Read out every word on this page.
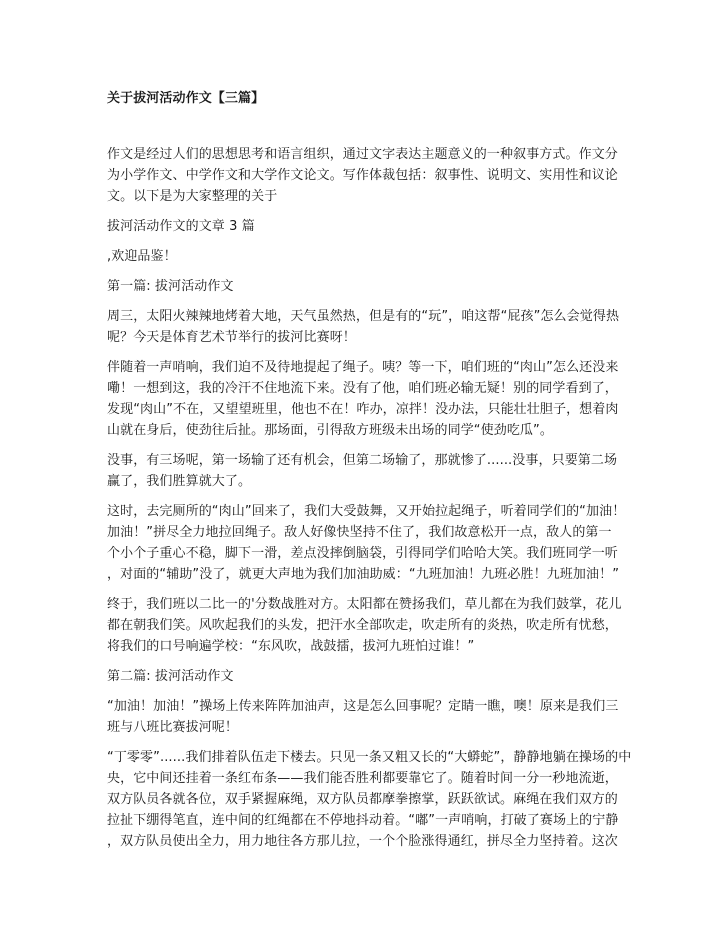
关于拔河活动作文【三篇】
作文是经过人们的思想思考和语言组织，通过文字表达主题意义的一种叙事方式。作文分
为小学作文、中学作文和大学作文论文。写作体裁包括：叙事性、说明文、实用性和议论
文。以下是为大家整理的关于
拔河活动作文的文章 3 篇
,欢迎品鉴！
第一篇: 拔河活动作文
周三，太阳火辣辣地烤着大地，天气虽然热，但是有的“玩”，咱这帮“屁孩”怎么会觉得热
呢？今天是体育艺术节举行的拔河比赛呀！
伴随着一声哨响，我们迫不及待地提起了绳子。咦？等一下，咱们班的“肉山”怎么还没来
嘞！一想到这，我的冷汗不住地流下来。没有了他，咱们班必输无疑！别的同学看到了，
发现“肉山”不在，又望望班里，他也不在！咋办，凉拌！没办法，只能壮壮胆子，想着肉
山就在身后，使劲往后扯。那场面，引得敌方班级未出场的同学“使劲吃瓜”。
没事，有三场呢，第一场输了还有机会，但第二场输了，那就惨了......没事，只要第二场
赢了，我们胜算就大了。
这时，去完厕所的“肉山”回来了，我们大受鼓舞，又开始拉起绳子，听着同学们的“加油！
加油！”拼尽全力地拉回绳子。敌人好像快坚持不住了，我们故意松开一点，敌人的第一
个小个子重心不稳，脚下一滑，差点没摔倒脑袋，引得同学们哈哈大笑。我们班同学一听
，对面的“辅助”没了，就更大声地为我们加油助威：“九班加油！九班必胜！九班加油！”
终于，我们班以二比一的'分数战胜对方。太阳都在赞扬我们，草儿都在为我们鼓掌，花儿
都在朝我们笑。风吹起我们的头发，把汗水全部吹走，吹走所有的炎热，吹走所有忧愁，
将我们的口号响遍学校：“东风吹，战鼓擂，拔河九班怕过谁！”
第二篇: 拔河活动作文
“加油！加油！”操场上传来阵阵加油声，这是怎么回事呢？定睛一瞧，噢！原来是我们三
班与八班比赛拔河呢！
“丁零零”......我们排着队伍走下楼去。只见一条又粗又长的“大蟒蛇”，静静地躺在操场的中
央，它中间还挂着一条红布条——我们能否胜利都要靠它了。随着时间一分一秒地流逝，
双方队员各就各位，双手紧握麻绳，双方队员都摩拳擦掌，跃跃欲试。麻绳在我们双方的
拉扯下绷得笔直，连中间的红绳都在不停地抖动着。“嘟”一声哨响，打破了赛场上的宁静
，双方队员使出全力，用力地往各方那儿拉，一个个脸涨得通红，拼尽全力坚持着。这次
